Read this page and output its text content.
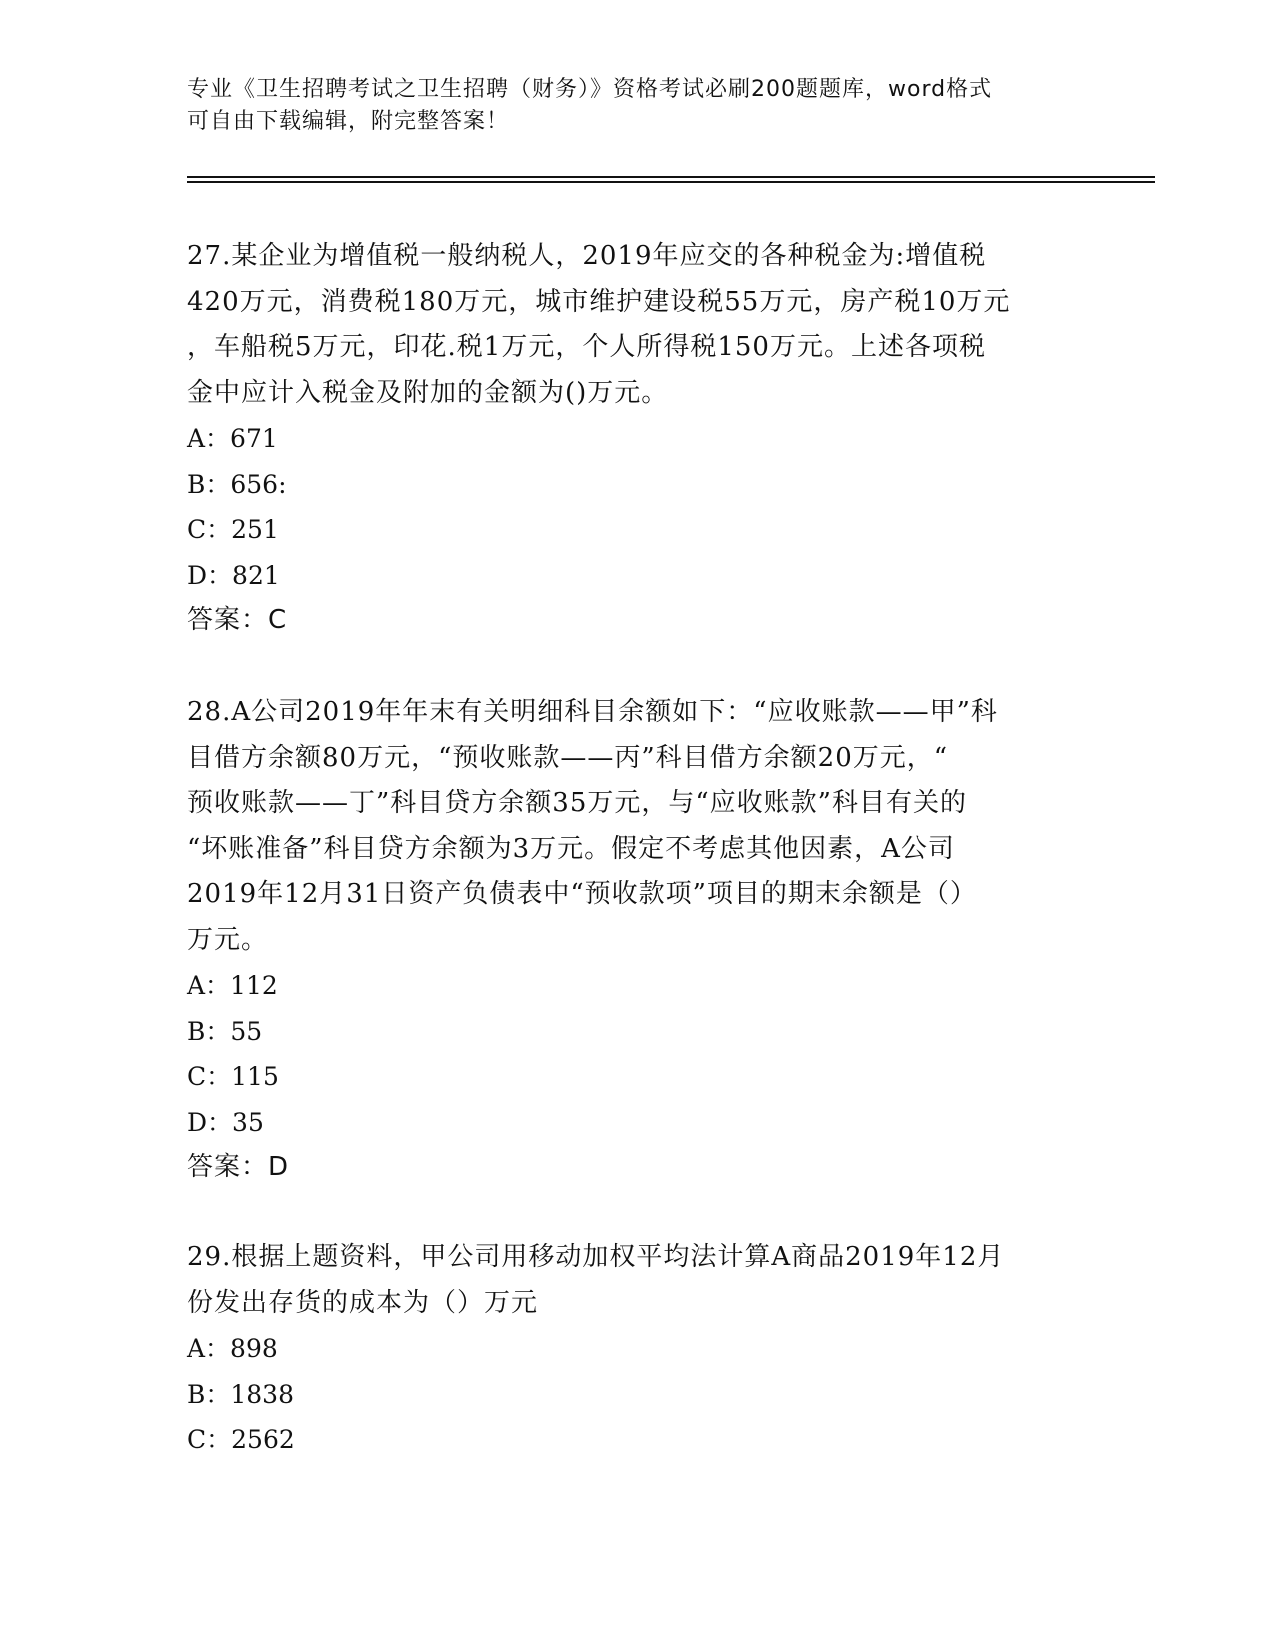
专业《卫生招聘考试之卫生招聘（财务）》资格考试必刷200题题库，word格式
可自由下载编辑，附完整答案！

27.某企业为增值税一般纳税人，2019年应交的各种税金为:增值税

420万元，消费税180万元，城市维护建设税55万元，房产税10万元

，车船税5万元，印花.税1万元，个人所得税150万元。上述各项税

金中应计入税金及附加的金额为()万元。

A：671

B：656:

C：251

D：821

答案：C

28.A公司2019年年末有关明细科目余额如下：“应收账款——甲”科

目借方余额80万元，“预收账款——丙”科目借方余额20万元，“

预收账款——丁”科目贷方余额35万元，与“应收账款”科目有关的

“坏账准备”科目贷方余额为3万元。假定不考虑其他因素，A公司

2019年12月31日资产负债表中“预收款项”项目的期末余额是（）

万元。

A：112

B：55

C：115

D：35

答案：D

29.根据上题资料，甲公司用移动加权平均法计算A商品2019年12月

份发出存货的成本为（）万元

A：898

B：1838

C：2562
